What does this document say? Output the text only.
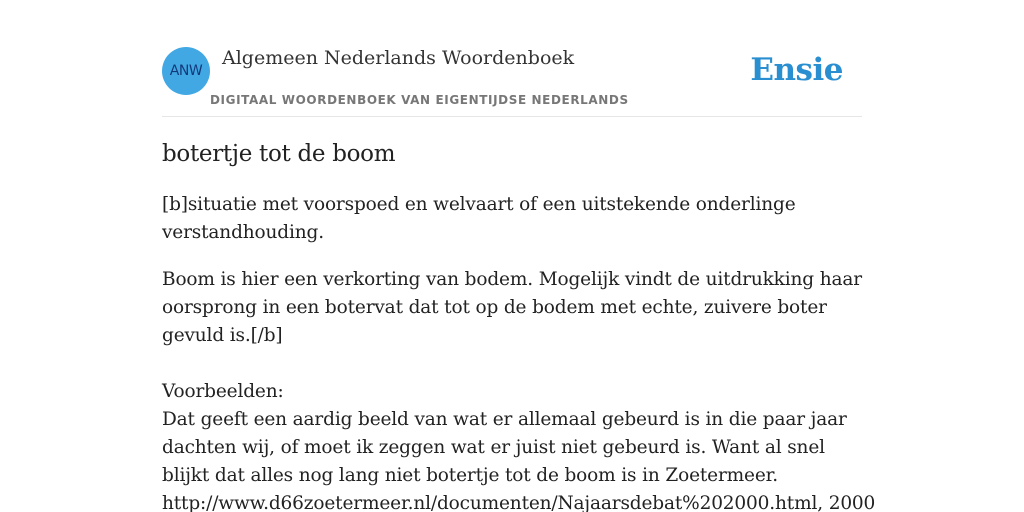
ANW
Algemeen Nederlands Woordenboek
DIGITAAL WOORDENBOEK VAN EIGENTIJDSE NEDERLANDS
Ensie
botertje tot de boom

[b]situatie met voorspoed en welvaart of een uitstekende onderlinge verstandhouding.

Boom is hier een verkorting van bodem. Mogelijk vindt de uitdrukking haar oorsprong in een botervat dat tot op de bodem met echte, zuivere boter gevuld is.[/b]

Voorbeelden:
Dat geeft een aardig beeld van wat er allemaal gebeurd is in die paar jaar dachten wij, of moet ik zeggen wat er juist niet gebeurd is. Want al snel blijkt dat alles nog lang niet botertje tot de boom is in Zoetermeer.
http://www.d66zoetermeer.nl/documenten/Najaarsdebat%202000.html, 2000
